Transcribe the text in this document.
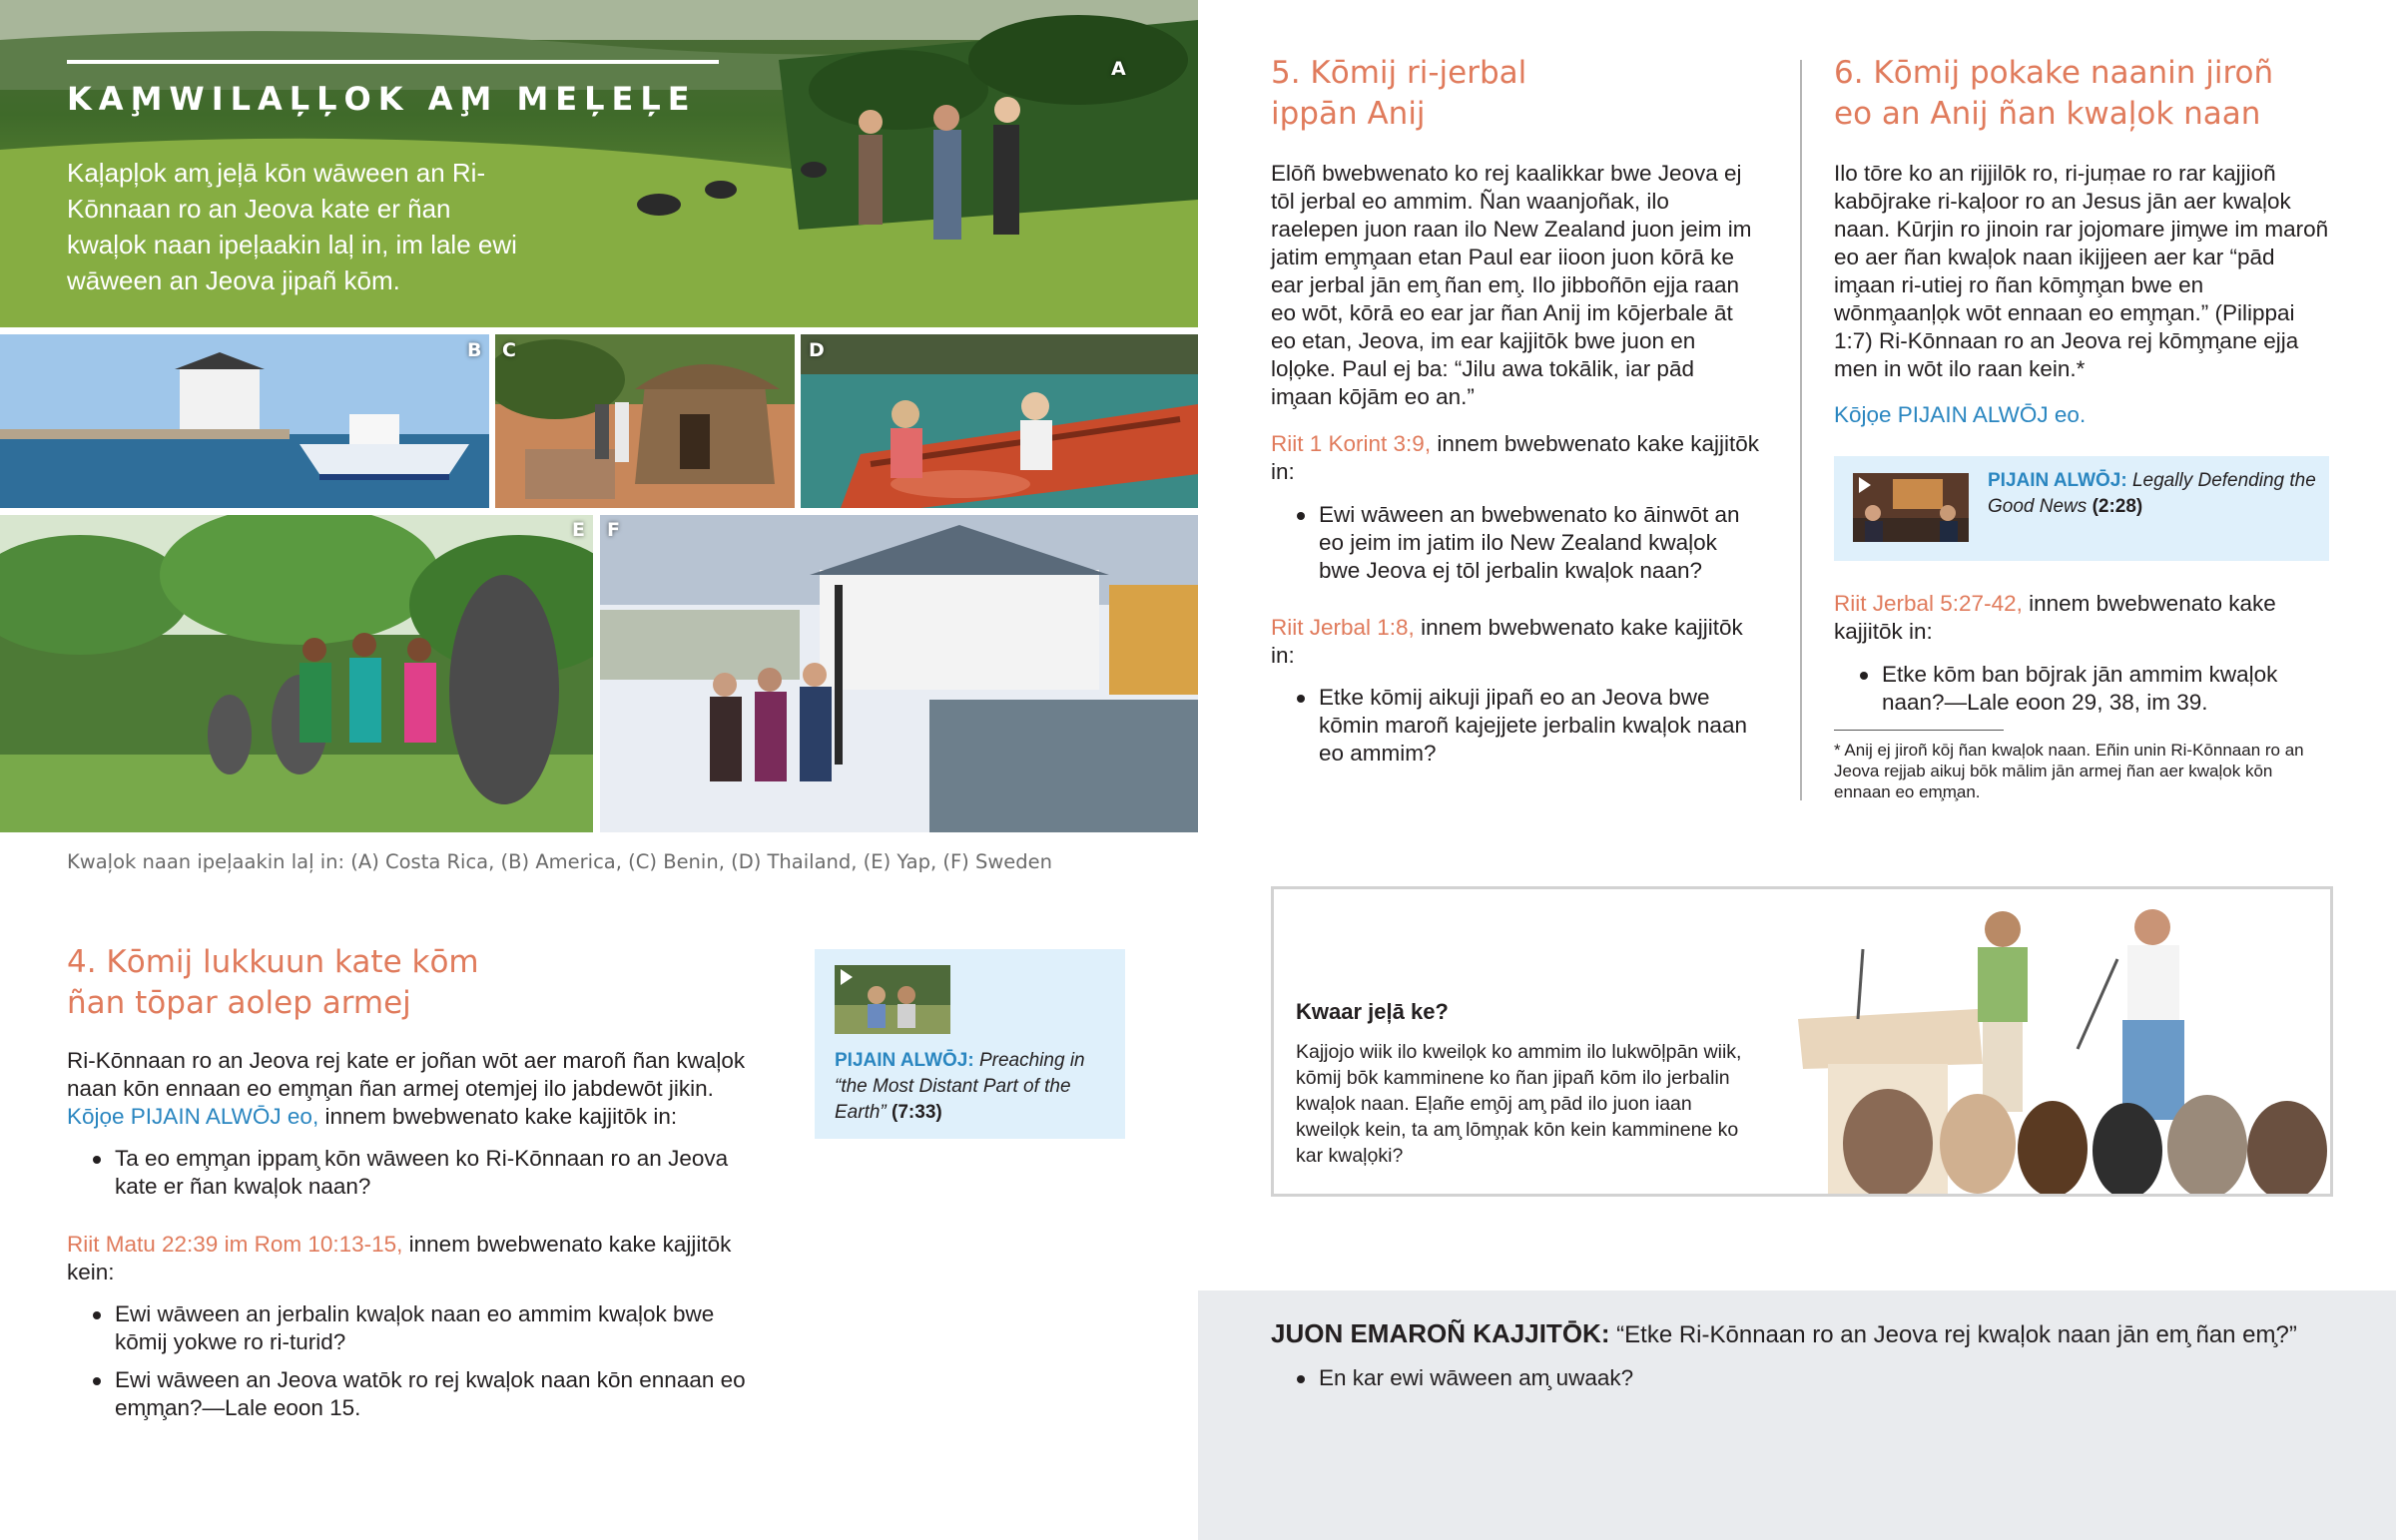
KAM̧WILAĻĻOK AM̧ MEĻEĻE

Kaļapļok am̧ jeļā kōn wāween an Ri-Kōnnaan ro an Jeova kate er ñan kwaļok naan ipeļaakin laļ in, im lale ewi wāween an Jeova jipañ kōm.

A
B C	D
E F

Kwaļok naan ipeļaakin laļ in: (A) Costa Rica, (B) America, (C) Benin, (D) Thailand, (E) Yap, (F) Sweden

4. Kōmij lukkuun kate kōm
ñan tōpar aolep armej

Ri-Kōnnaan ro an Jeova rej kate er joñan wōt aer maroñ ñan kwaļok naan kōn ennaan eo em̧m̧an ñan armej otemjej ilo jabdewōt jikin. Kōjọe PIJAIN ALWŌJ eo, innem bwebwenato kake kajjitōk in:

Ta eo em̧m̧an ippam̧ kōn wāween ko Ri-Kōnnaan ro an Jeova kate er ñan kwaļok naan?

Riit Matu 22:39 im Rom 10:13-15, innem bwebwenato kake kajjitōk kein:

Ewi wāween an jerbalin kwaļok naan eo ammim kwaļok bwe kōmij yokwe ro ri-turid?
Ewi wāween an Jeova watōk ro rej kwaļok naan kōn ennaan eo em̧m̧an?—Lale eoon 15.

PIJAIN ALWŌJ: Preaching in “the Most Distant Part of the Earth” (7:33)

5. Kōmij ri-jerbal
ippān Anij

Elōñ bwebwenato ko rej kaalikkar bwe Jeova ej tōl jerbal eo ammim. Ñan waanjoñak, ilo raelepen juon raan ilo New Zealand juon jeim im jatim em̧m̧aan etan Paul ear iioon juon kōrā ke ear jerbal jān em̧ ñan em̧. Ilo jibboñōn ejja raan eo wōt, kōrā eo ear jar ñan Anij im kōjerbale āt eo etan, Jeova, im ear kajjitōk bwe juon en loļọke. Paul ej ba: “Jilu awa tokālik, iar pād im̧aan kōjām eo an.”

Riit 1 Korint 3:9, innem bwebwenato kake kajjitōk in:

Ewi wāween an bwebwenato ko āinwōt an eo jeim im jatim ilo New Zealand kwaļok bwe Jeova ej tōl jerbalin kwaļok naan?

Riit Jerbal 1:8, innem bwebwenato kake kajjitōk in:

Etke kōmij aikuji jipañ eo an Jeova bwe kōmin maroñ kajejjete jerbalin kwaļok naan eo ammim?
6. Kōmij pokake naanin jiroñ
eo an Anij ñan kwaļok naan

Ilo tōre ko an rijjilōk ro, ri-juṃae ro rar kajjioñ kabōjrake ri-kaļoor ro an Jesus jān aer kwaļok naan. Kūrjin ro jinoin rar jojomare jim̧we im maroñ eo aer ñan kwaļok naan ikijjeen aer kar “pād im̧aan ri-utiej ro ñan kōm̧m̧an bwe en wōnm̧aanļọk wōt ennaan eo em̧m̧an.” (Pilippai 1:7) Ri-Kōnnaan ro an Jeova rej kōm̧m̧ane ejja men in wōt ilo raan kein.*

Kōjọe PIJAIN ALWŌJ eo.

PIJAIN ALWŌJ: Legally Defending the Good News (2:28)

Riit Jerbal 5:27-42, innem bwebwenato kake kajjitōk in:

Etke kōm ban bōjrak jān ammim kwaļok naan?—Lale eoon 29, 38, im 39.

* Anij ej jiroñ kōj ñan kwaļok naan. Eñin unin Ri-Kōnnaan ro an Jeova rejjab aikuj bōk mālim jān armej ñan aer kwaļok kōn ennaan eo em̧m̧an.

Kwaar jeļā ke?

Kajjojo wiik ilo kweilọk ko ammim ilo lukwōļpān wiik, kōmij bōk kamminene ko ñan jipañ kōm ilo jerbalin kwaļok naan. Eļañe em̧ōj am̧ pād ilo juon iaan kweilọk kein, ta am̧ lōm̧ņak kōn kein kamminene ko kar kwaļọki?

JUON EMAROÑ KAJJITŌK: “Etke Ri-Kōnnaan ro an Jeova rej kwaļok naan jān em̧ ñan em̧?”

En kar ewi wāween am̧ uwaak?
